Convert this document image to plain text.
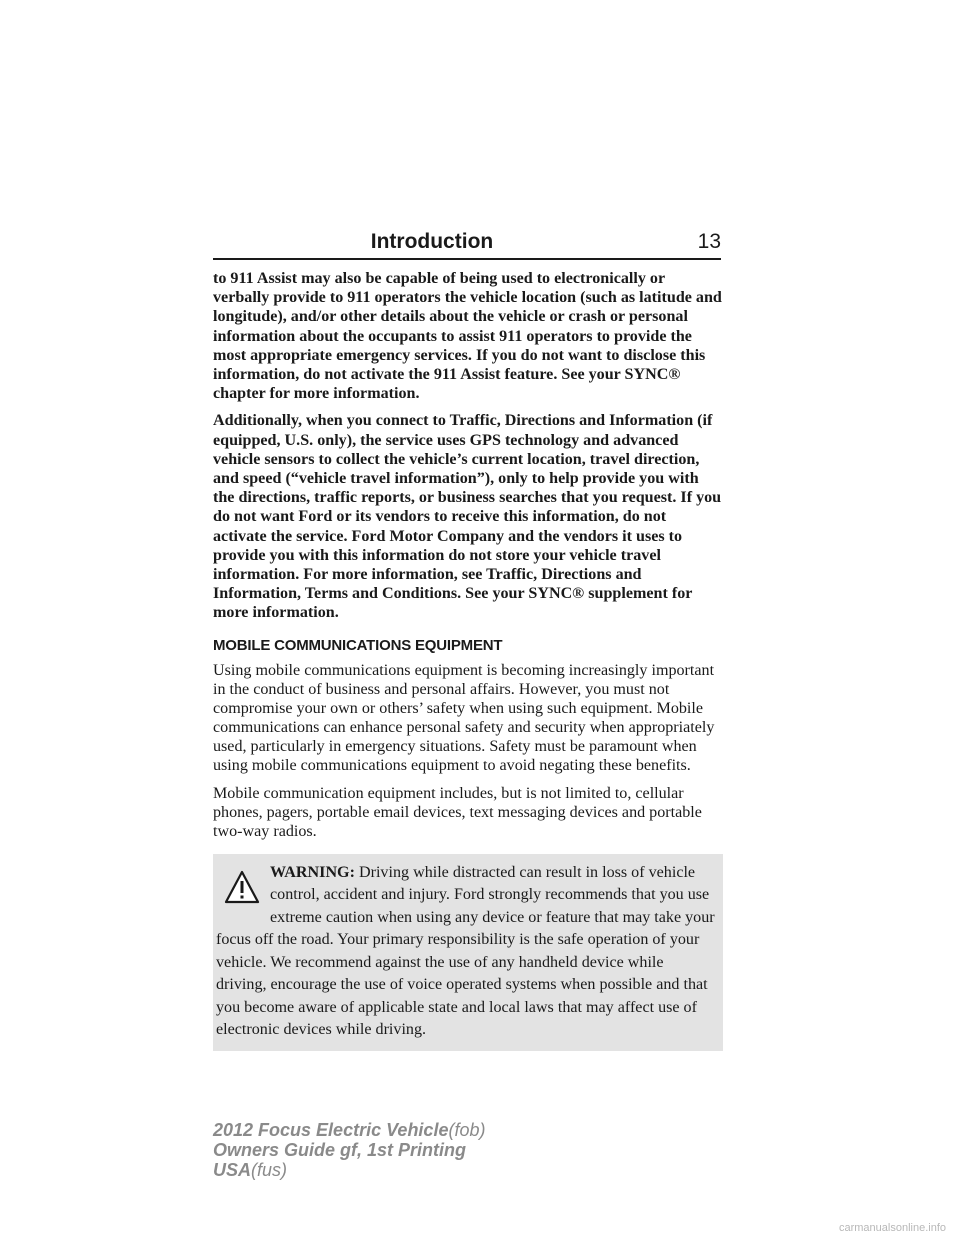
Introduction	13

to 911 Assist may also be capable of being used to electronically or verbally provide to 911 operators the vehicle location (such as latitude and longitude), and/or other details about the vehicle or crash or personal information about the occupants to assist 911 operators to provide the most appropriate emergency services. If you do not want to disclose this information, do not activate the 911 Assist feature. See your SYNC® chapter for more information.

Additionally, when you connect to Traffic, Directions and Information (if equipped, U.S. only), the service uses GPS technology and advanced vehicle sensors to collect the vehicle’s current location, travel direction, and speed (“vehicle travel information”), only to help provide you with the directions, traffic reports, or business searches that you request. If you do not want Ford or its vendors to receive this information, do not activate the service. Ford Motor Company and the vendors it uses to provide you with this information do not store your vehicle travel information. For more information, see Traffic, Directions and Information, Terms and Conditions. See your SYNC® supplement for more information.

MOBILE COMMUNICATIONS EQUIPMENT

Using mobile communications equipment is becoming increasingly important in the conduct of business and personal affairs. However, you must not compromise your own or others’ safety when using such equipment. Mobile communications can enhance personal safety and security when appropriately used, particularly in emergency situations. Safety must be paramount when using mobile communications equipment to avoid negating these benefits.

Mobile communication equipment includes, but is not limited to, cellular phones, pagers, portable email devices, text messaging devices and portable two-way radios.

WARNING: Driving while distracted can result in loss of vehicle control, accident and injury. Ford strongly recommends that you use extreme caution when using any device or feature that may take your focus off the road. Your primary responsibility is the safe operation of your vehicle. We recommend against the use of any handheld device while driving, encourage the use of voice operated systems when possible and that you become aware of applicable state and local laws that may affect use of electronic devices while driving.
2012 Focus Electric Vehicle(fob)
Owners Guide gf, 1st Printing
USA(fus)
carmanualsonline.info
